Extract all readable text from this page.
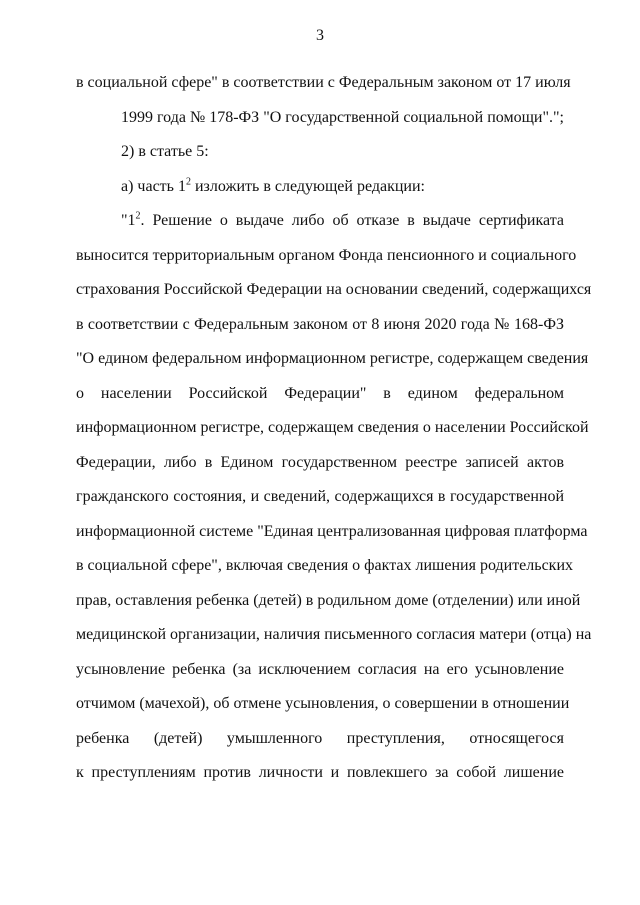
3
в социальной сфере" в соответствии с Федеральным законом от 17 июля
1999 года № 178-ФЗ "О государственной социальной помощи".";
2) в статье 5:
а) часть $1^2$ изложить в следующей редакции:
"$1^2$. Решение о выдаче либо об отказе в выдаче сертификата
выносится территориальным органом Фонда пенсионного и социального
страхования Российской Федерации на основании сведений, содержащихся
в соответствии с Федеральным законом от 8 июня 2020 года № 168-ФЗ
"О едином федеральном информационном регистре, содержащем сведения
о населении Российской Федерации" в едином федеральном
информационном регистре, содержащем сведения о населении Российской
Федерации, либо в Едином государственном реестре записей актов
гражданского состояния, и сведений, содержащихся в государственной
информационной системе "Единая централизованная цифровая платформа
в социальной сфере", включая сведения о фактах лишения родительских
прав, оставления ребенка (детей) в родильном доме (отделении) или иной
медицинской организации, наличия письменного согласия матери (отца) на
усыновление ребенка (за исключением согласия на его усыновление
отчимом (мачехой), об отмене усыновления, о совершении в отношении
ребенка (детей) умышленного преступления, относящегося
к преступлениям против личности и повлекшего за собой лишение
